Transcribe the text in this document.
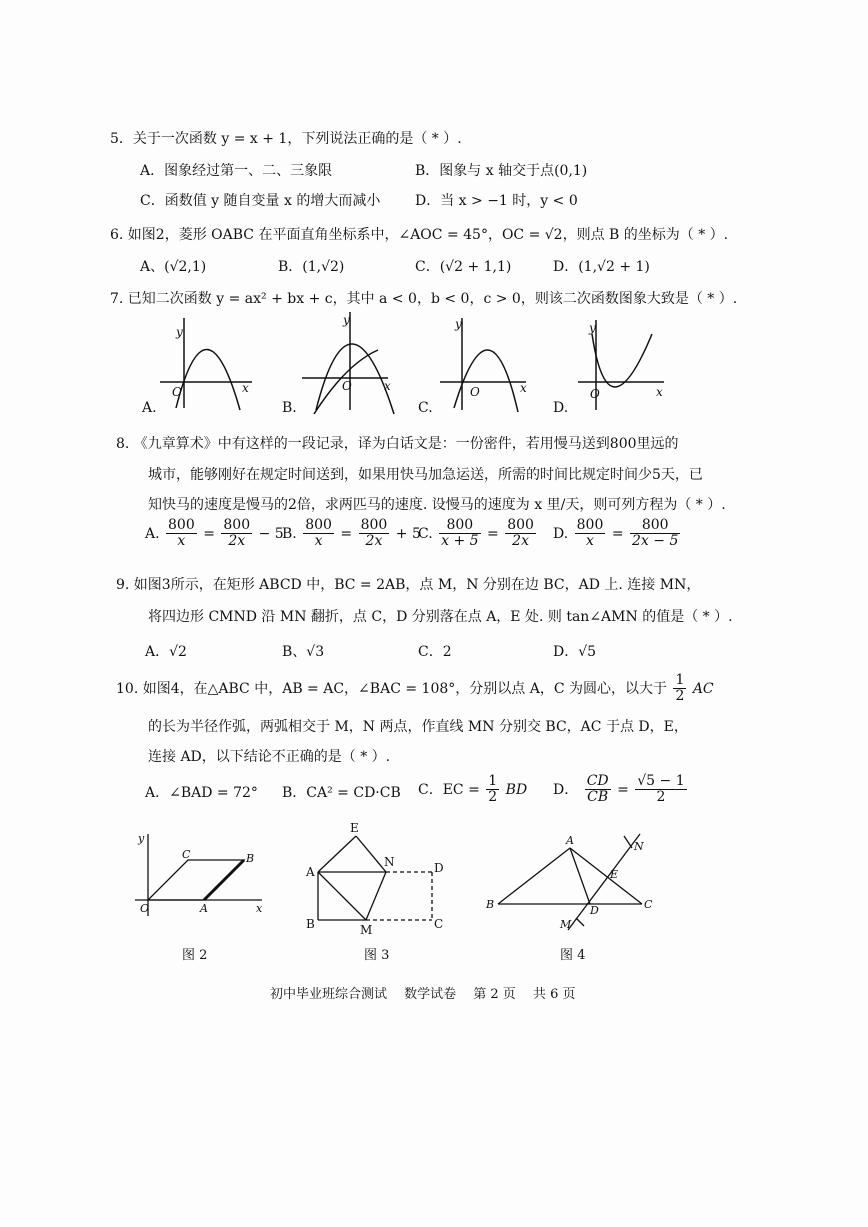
5．关于一次函数 y = x + 1，下列说法正确的是（ * ）.
A．图象经过第一、二、三象限	B．图象与 x 轴交于点(0,1)
C．函数值 y 随自变量 x 的增大而减小 D．当 x > −1 时，y < 0
6. 如图2，菱形 OABC 在平面直角坐标系中，∠AOC = 45°，OC = √2，则点 B 的坐标为（ * ）.
A、(√2,1)	B．(1,√2)	C．(√2 + 1,1)	D．(1,√2 + 1)
7. 已知二次函数 y = ax² + bx + c，其中 a < 0，b < 0，c > 0，则该二次函数图象大致是（ * ）.
y
x
O
y
x
O
y
x
O
y
x
O
A.	B.	C.	D.
8. 《九章算术》中有这样的一段记录，译为白话文是：一份密件，若用慢马送到800里远的
城市，能够刚好在规定时间送到，如果用快马加急运送，所需的时间比规定时间少5天，已
知快马的速度是慢马的2倍，求两匹马的速度. 设慢马的速度为 x 里/天，则可列方程为（ * ）.
A. $\frac{800}{x} = \frac{800}{2x} - 5$
B. $\frac{800}{x} = \frac{800}{2x} + 5$
C. $\frac{800}{x + 5} = \frac{800}{2x} D$. $\frac{800}{x} = \frac{800}{2x - 5}$
9. 如图3所示，在矩形 ABCD 中，BC = 2AB，点 M，N 分别在边 BC，AD 上. 连接 MN，
将四边形 CMND 沿 MN 翻折，点 C，D 分别落在点 A，E 处. 则 tan∠AMN 的值是（ * ）.
A．√2	B、√3	C．2	D．√5
10. 如图4，在△ABC 中，AB = AC，∠BAC = 108°，分别以点 A，C 为圆心，以大于 $\frac{1}{2}$ AC
的长为半径作弧，两弧相交于 M，N 两点，作直线 MN 分别交 BC，AC 于点 D，E，
连接 AD，以下结论不正确的是（ * ）.
A．∠BAD = 72° B．CA² = CD·CB C．EC = $\frac{1}{2}$ BD D． $\frac{CD}{CB} = \frac{√5 - 1}{2}$
y
x
O	A
B
C
图 2
A
E
N	D
B	M	C
图 3
A
B	C
D
E
M
N
图 4
初中毕业班综合测试　 数学试卷　 第 2 页　 共 6 页
